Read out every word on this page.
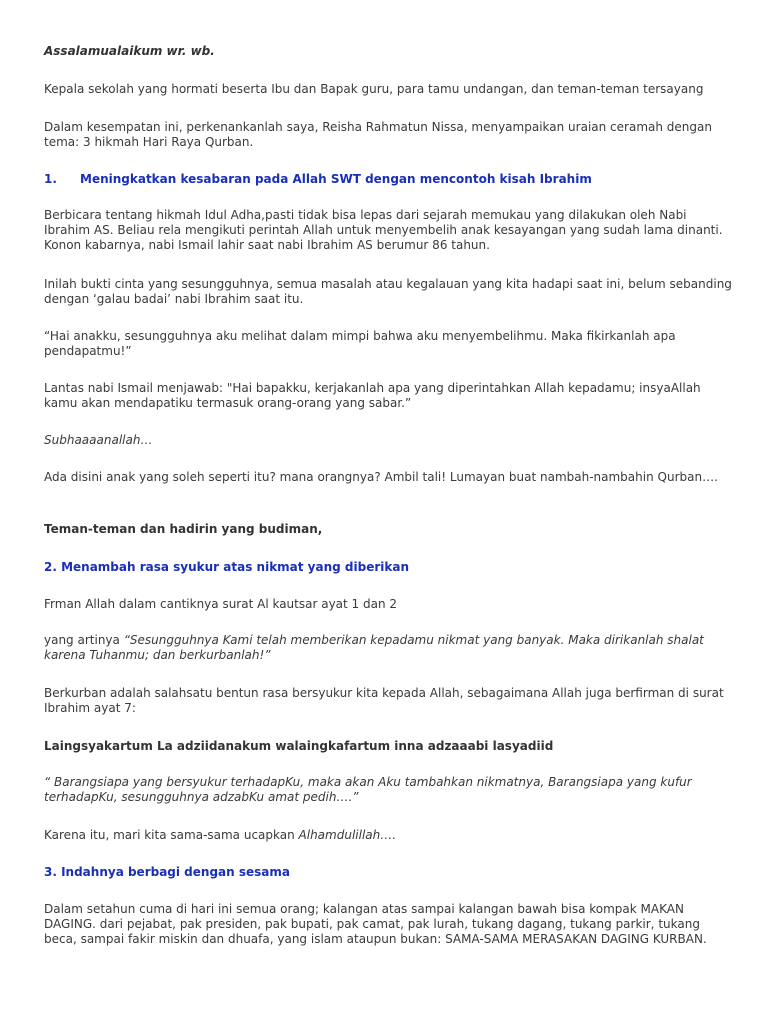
Assalamualaikum wr. wb.

Kepala sekolah yang hormati beserta Ibu dan Bapak guru, para tamu undangan, dan teman-teman tersayang

Dalam kesempatan ini, perkenankanlah saya, Reisha Rahmatun Nissa, menyampaikan uraian ceramah dengan tema: 3 hikmah Hari Raya Qurban.

1. Meningkatkan kesabaran pada Allah SWT dengan mencontoh kisah Ibrahim

Berbicara tentang hikmah Idul Adha,pasti tidak bisa lepas dari sejarah memukau yang dilakukan oleh Nabi Ibrahim AS. Beliau rela mengikuti perintah Allah untuk menyembelih anak kesayangan yang sudah lama dinanti. Konon kabarnya, nabi Ismail lahir saat nabi Ibrahim AS berumur 86 tahun.

Inilah bukti cinta yang sesungguhnya, semua masalah atau kegalauan yang kita hadapi saat ini, belum sebanding dengan ‘galau badai’ nabi Ibrahim saat itu.

“Hai anakku, sesungguhnya aku melihat dalam mimpi bahwa aku menyembelihmu. Maka fikirkanlah apa pendapatmu!”

Lantas nabi Ismail menjawab: "Hai bapakku, kerjakanlah apa yang diperintahkan Allah kepadamu; insyaAllah kamu akan mendapatiku termasuk orang-orang yang sabar.”

Subhaaaanallah…

Ada disini anak yang soleh seperti itu? mana orangnya? Ambil tali! Lumayan buat nambah-nambahin Qurban….

Teman-teman dan hadirin yang budiman,

2. Menambah rasa syukur atas nikmat yang diberikan

Frman Allah dalam cantiknya surat Al kautsar ayat 1 dan 2

yang artinya “Sesungguhnya Kami telah memberikan kepadamu nikmat yang banyak. Maka dirikanlah shalat karena Tuhanmu; dan berkurbanlah!”

Berkurban adalah salahsatu bentun rasa bersyukur kita kepada Allah, sebagaimana Allah juga berfirman di surat Ibrahim ayat 7:

Laingsyakartum La adziidanakum walaingkafartum inna adzaaabi lasyadiid

“ Barangsiapa yang bersyukur terhadapKu, maka akan Aku tambahkan nikmatnya, Barangsiapa yang kufur terhadapKu, sesungguhnya adzabKu amat pedih….”

Karena itu, mari kita sama-sama ucapkan Alhamdulillah….

3. Indahnya berbagi dengan sesama

Dalam setahun cuma di hari ini semua orang; kalangan atas sampai kalangan bawah bisa kompak MAKAN DAGING. dari pejabat, pak presiden, pak bupati, pak camat, pak lurah, tukang dagang, tukang parkir, tukang beca, sampai fakir miskin dan dhuafa, yang islam ataupun bukan: SAMA-SAMA MERASAKAN DAGING KURBAN.
